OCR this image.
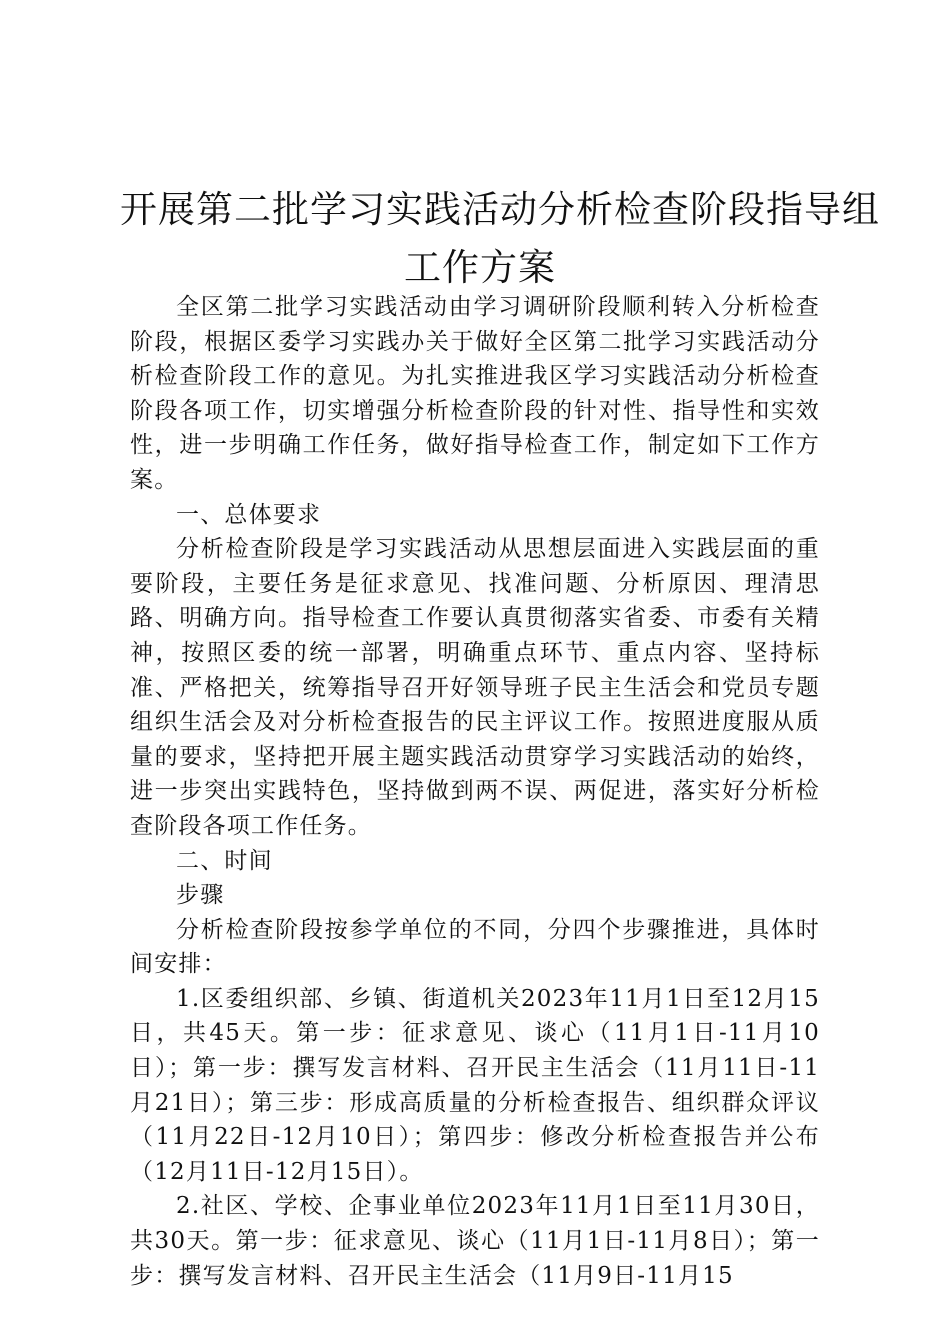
开展第二批学习实践活动分析检查阶段指导组
工作方案

全区第二批学习实践活动由学习调研阶段顺利转入分析检查阶段，根据区委学习实践办关于做好全区第二批学习实践活动分析检查阶段工作的意见。为扎实推进我区学习实践活动分析检查阶段各项工作，切实增强分析检查阶段的针对性、指导性和实效性，进一步明确工作任务，做好指导检查工作，制定如下工作方案。

一、总体要求

分析检查阶段是学习实践活动从思想层面进入实践层面的重要阶段，主要任务是征求意见、找准问题、分析原因、理清思路、明确方向。指导检查工作要认真贯彻落实省委、市委有关精神，按照区委的统一部署，明确重点环节、重点内容、坚持标准、严格把关，统筹指导召开好领导班子民主生活会和党员专题组织生活会及对分析检查报告的民主评议工作。按照进度服从质量的要求，坚持把开展主题实践活动贯穿学习实践活动的始终，进一步突出实践特色，坚持做到两不误、两促进，落实好分析检查阶段各项工作任务。

二、时间

步骤

分析检查阶段按参学单位的不同，分四个步骤推进，具体时间安排：

1.区委组织部、乡镇、街道机关2023年11月1日至12月15日，共45天。第一步：征求意见、谈心（11月1日-11月10日）；第一步：撰写发言材料、召开民主生活会（11月11日-11月21日）；第三步：形成高质量的分析检查报告、组织群众评议（11月22日-12月10日）；第四步：修改分析检查报告并公布（12月11日-12月15日）。

2.社区、学校、企事业单位2023年11月1日至11月30日，共30天。第一步：征求意见、谈心（11月1日-11月8日）；第一步：撰写发言材料、召开民主生活会（11月9日-11月15
